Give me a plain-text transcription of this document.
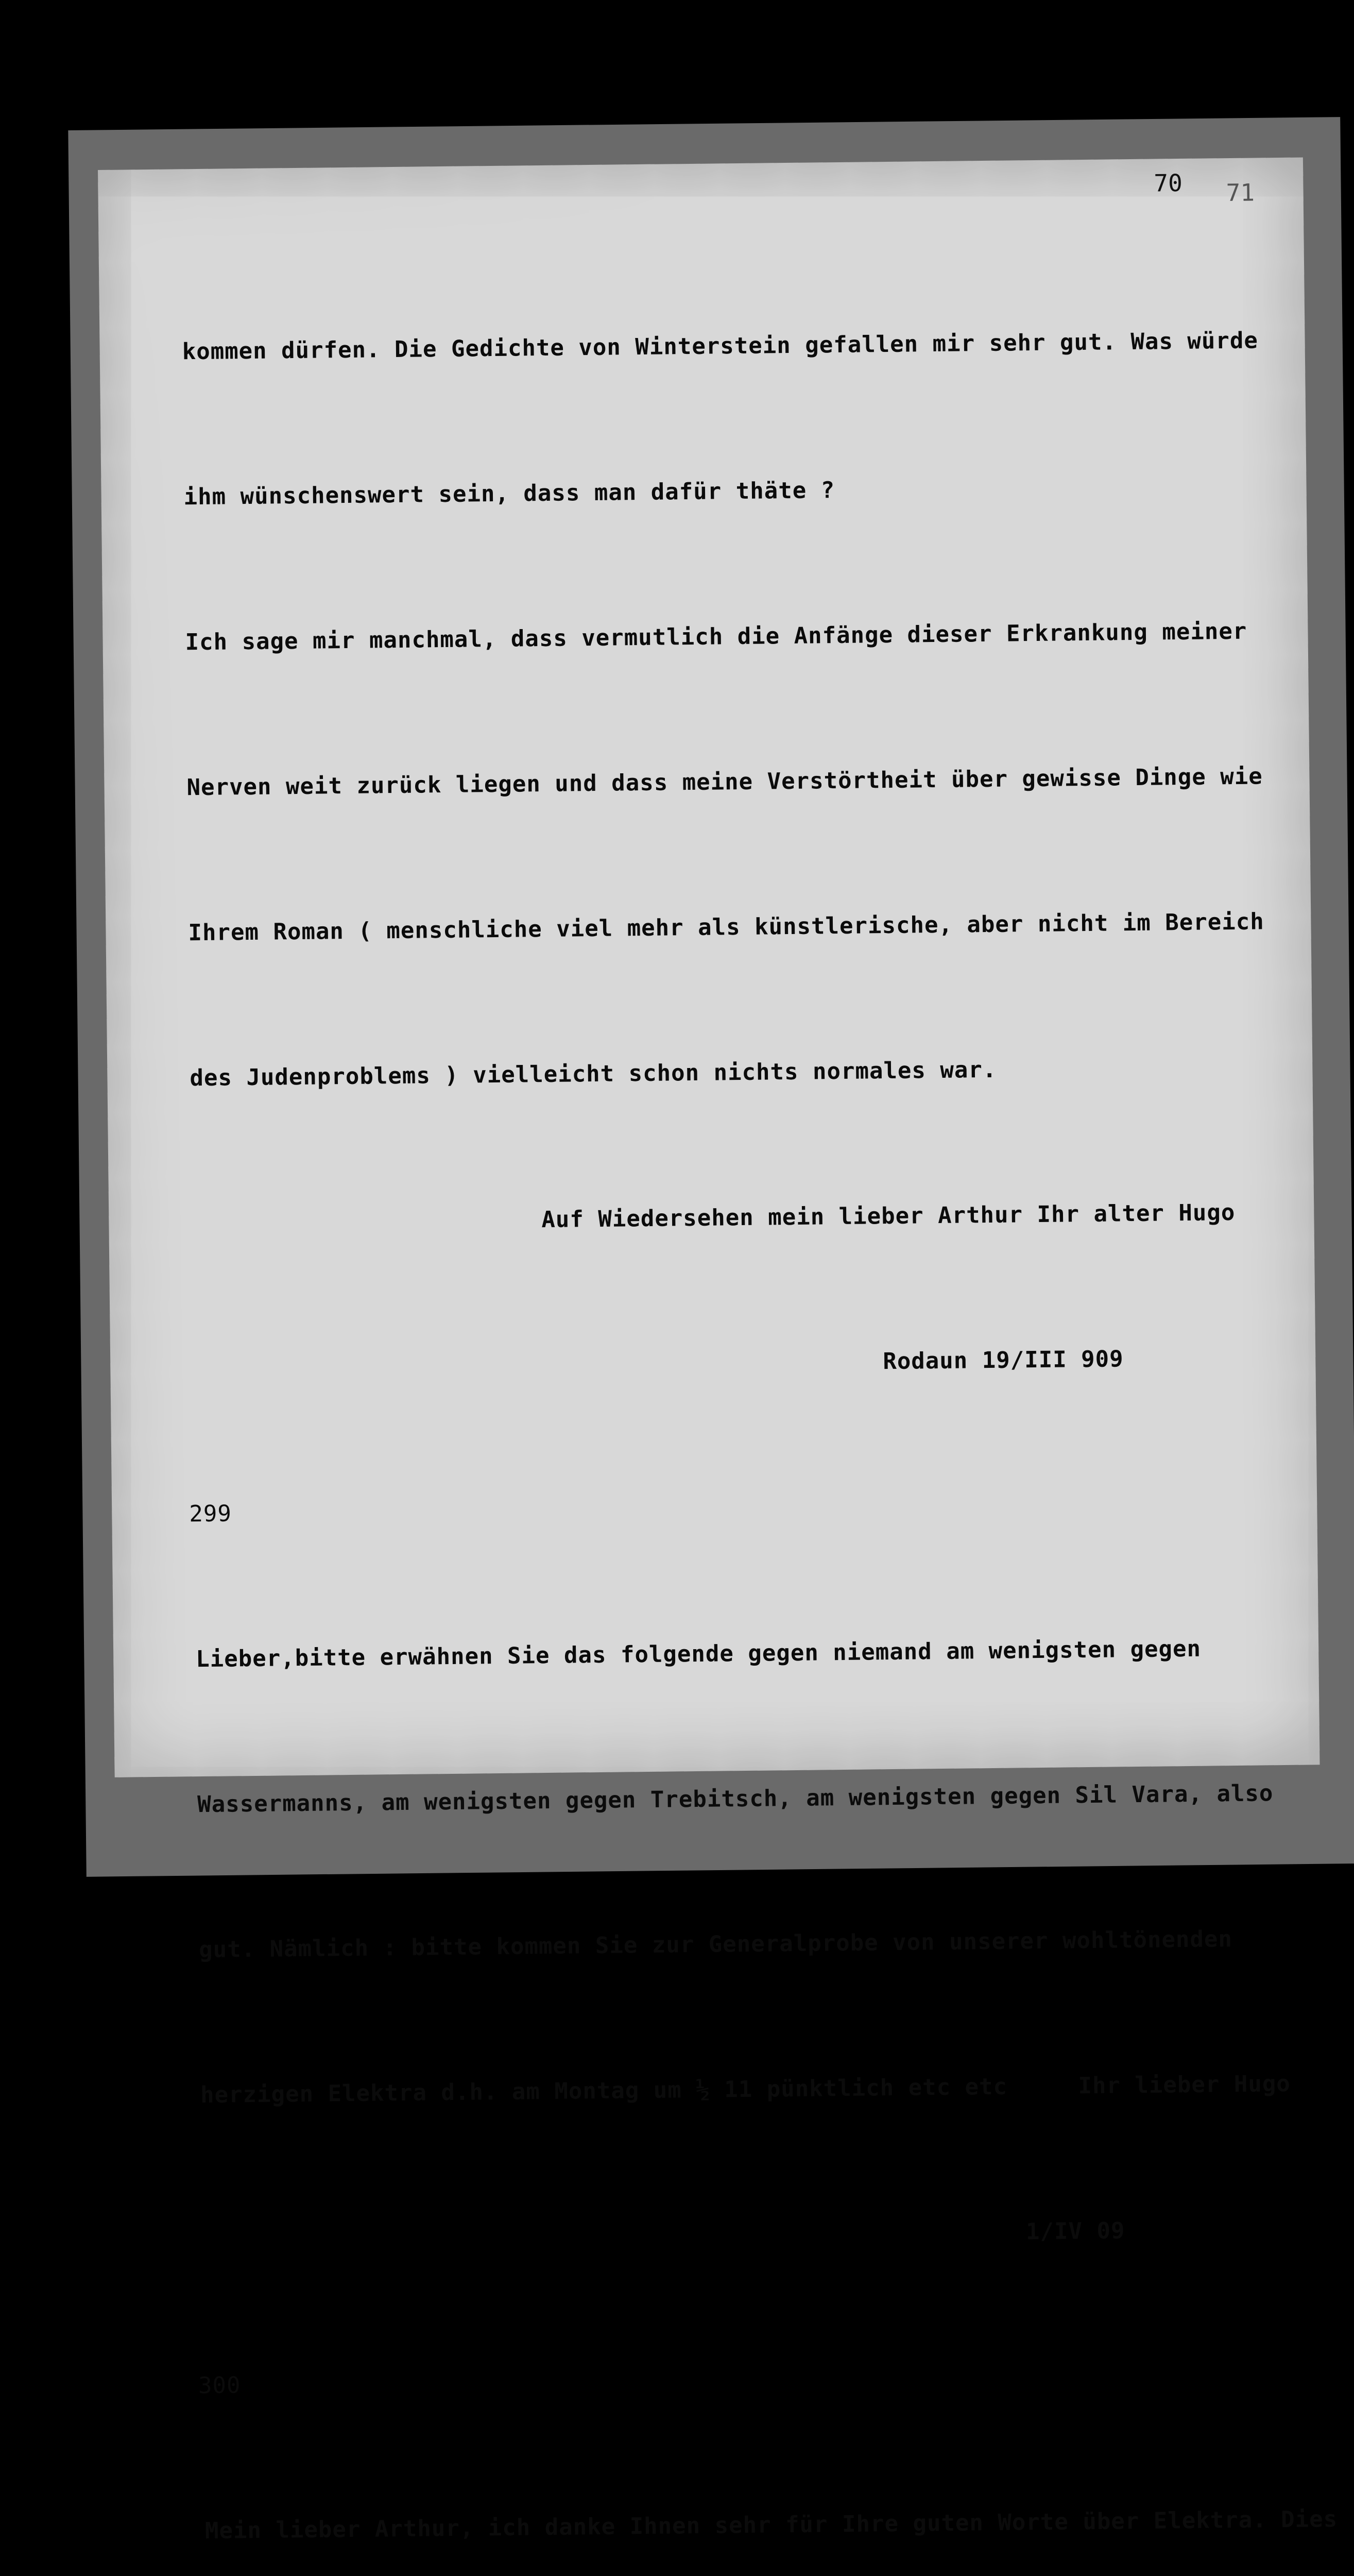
70 71

kommen dürfen. Die Gedichte von Winterstein gefallen mir sehr gut. Was würde

ihm wünschenswert sein, dass man dafür thäte ?

Ich sage mir manchmal, dass vermutlich die Anfänge dieser Erkrankung meiner

Nerven weit zurück liegen und dass meine Verstörtheit über gewisse Dinge wie

Ihrem Roman ( menschliche viel mehr als künstlerische, aber nicht im Bereich

des Judenproblems ) vielleicht schon nichts normales war.

Auf Wiedersehen mein lieber Arthur Ihr alter Hugo

Rodaun 19/III 909

299

Lieber,bitte erwähnen Sie das folgende gegen niemand am wenigsten gegen

Wassermanns, am wenigsten gegen Trebitsch, am wenigsten gegen Sil Vara, also

gut. Nämlich : bitte kommen Sie zur Generalprobe von unserer wohltönenden

herzigen Elektra d.h. am Montag um ½ 11 pünktlich etc etc     Ihr lieber Hugo

1/IV 09

300

Mein lieber Arthur, ich danke Ihnen sehr für Ihre guten Worte über Elektra. Dies
